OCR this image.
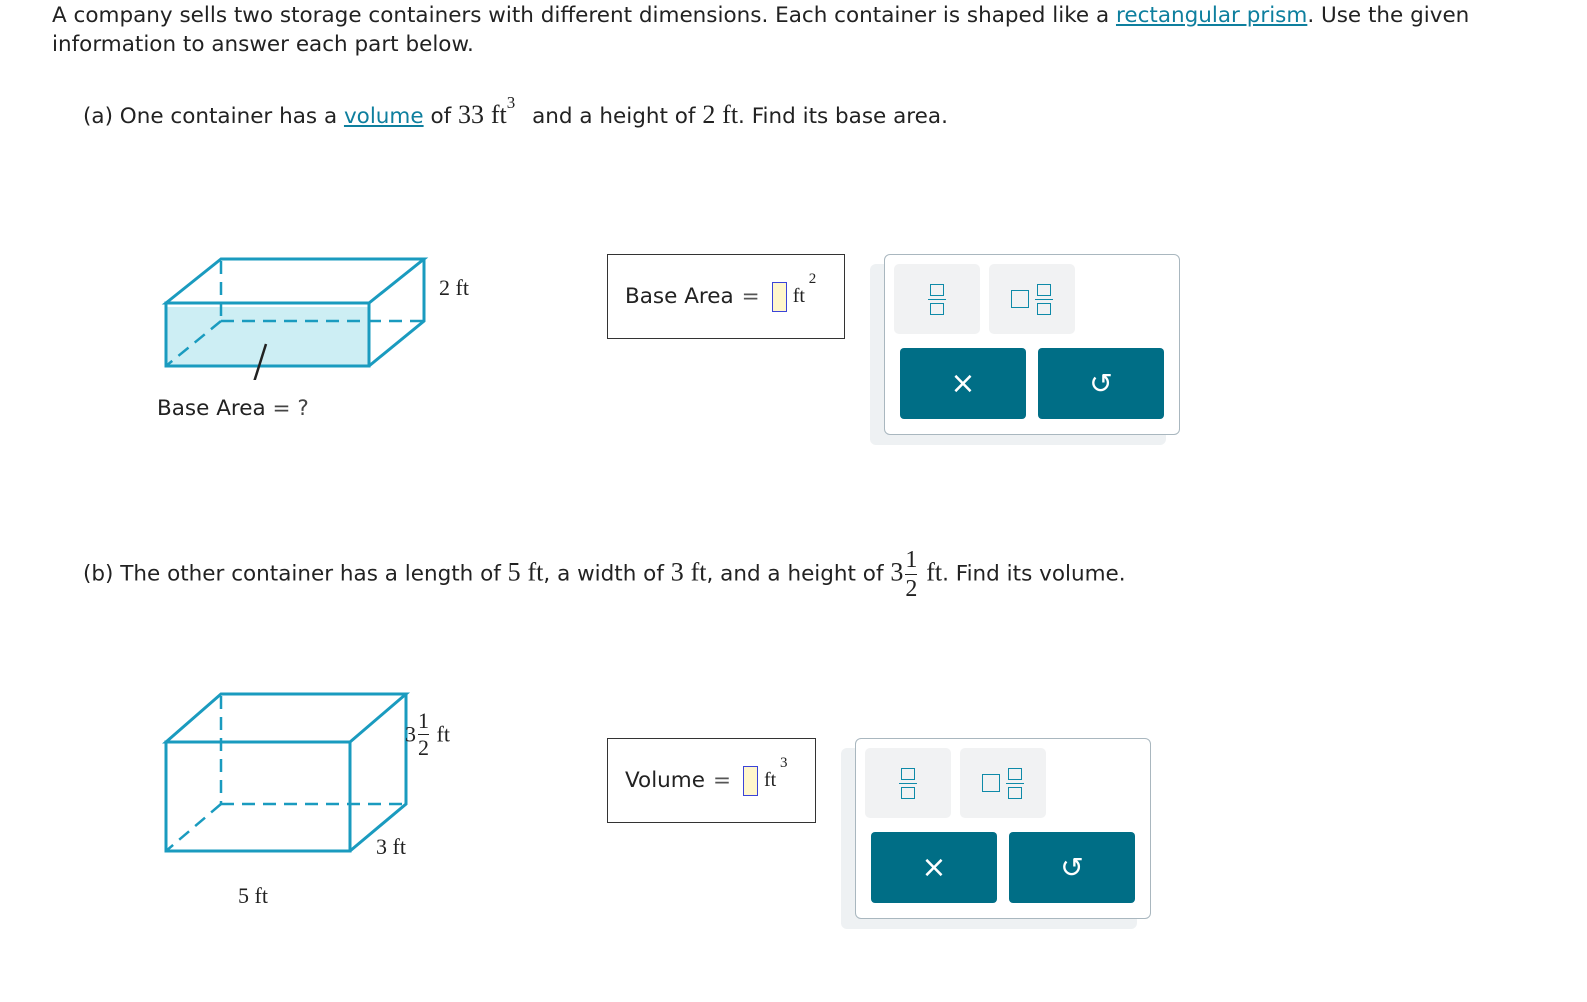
A company sells two storage containers with different dimensions. Each container is shaped like a rectangular prism. Use the given information to answer each part below.
(a) One container has a volume of 33 $ft^3$ and a height of 2 ft. Find its base area.
2 ft
Base Area = ?
Base Area = ft
2
×	↺
(b) The other container has a length of 5 ft, a width of 3 ft, and a height of $3\frac{1}{2}$ ft. Find its volume.
$3\frac{1}{2}$ ft
3 ft
5 ft
Volume = ft
3
×	↺
